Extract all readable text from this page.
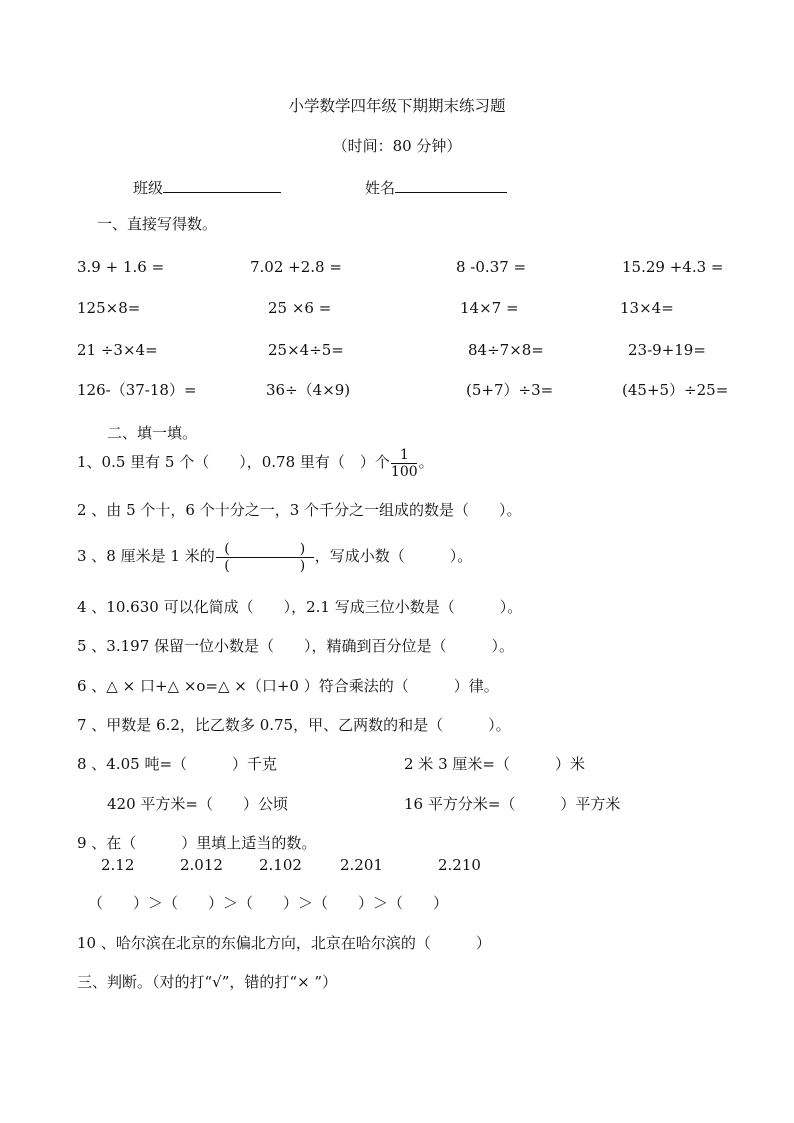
小学数学四年级下期期末练习题
（时间：80 分钟）
班级	姓名
一、直接写得数。
3.9 + 1.6 =	7.02 +2.8 =	8 -0.37 =	15.29 +4.3 =
125×8=	25 ×6 =	14×7 =	13×4=
21 ÷3×4=	25×4÷5=	84÷7×8=	23-9+19=
126-（37-18）=	36÷（4×9)	(5+7）÷3=	(45+5）÷25=
二、填一填。
1、0.5 里有 5 个（　　），0.78 里有（　）个 $\frac{1}{100}$ 。
2 、由 5 个十，6 个十分之一，3 个千分之一组成的数是（　　）。
3 、8 厘米是 1 米的 $\frac{( )}{( )}$ ，写成小数（　　　）。
4 、10.630 可以化简成（　　），2.1 写成三位小数是（　　　）。
5 、3.197 保留一位小数是（　　），精确到百分位是（　　　）。
6 、△ × 口+△ ×o=△ ×（口+0 ）符合乘法的（　　　）律。
7 、甲数是 6.2，比乙数多 0.75，甲、乙两数的和是（　　　）。
8 、4.05 吨=（　　　）千克	2 米 3 厘米=（　　　）米
420 平方米=（　　）公顷	16 平方分米=（　　　）平方米
9 、在（　　　）里填上适当的数。
2.12	2.012 2.102	2.201	2.210
（　　）＞（　　）＞（　　）＞（　　）＞（　　）
10 、哈尔滨在北京的东偏北方向，北京在哈尔滨的（　　　）
三、判断。（对的打“√”，错的打“× ”）
